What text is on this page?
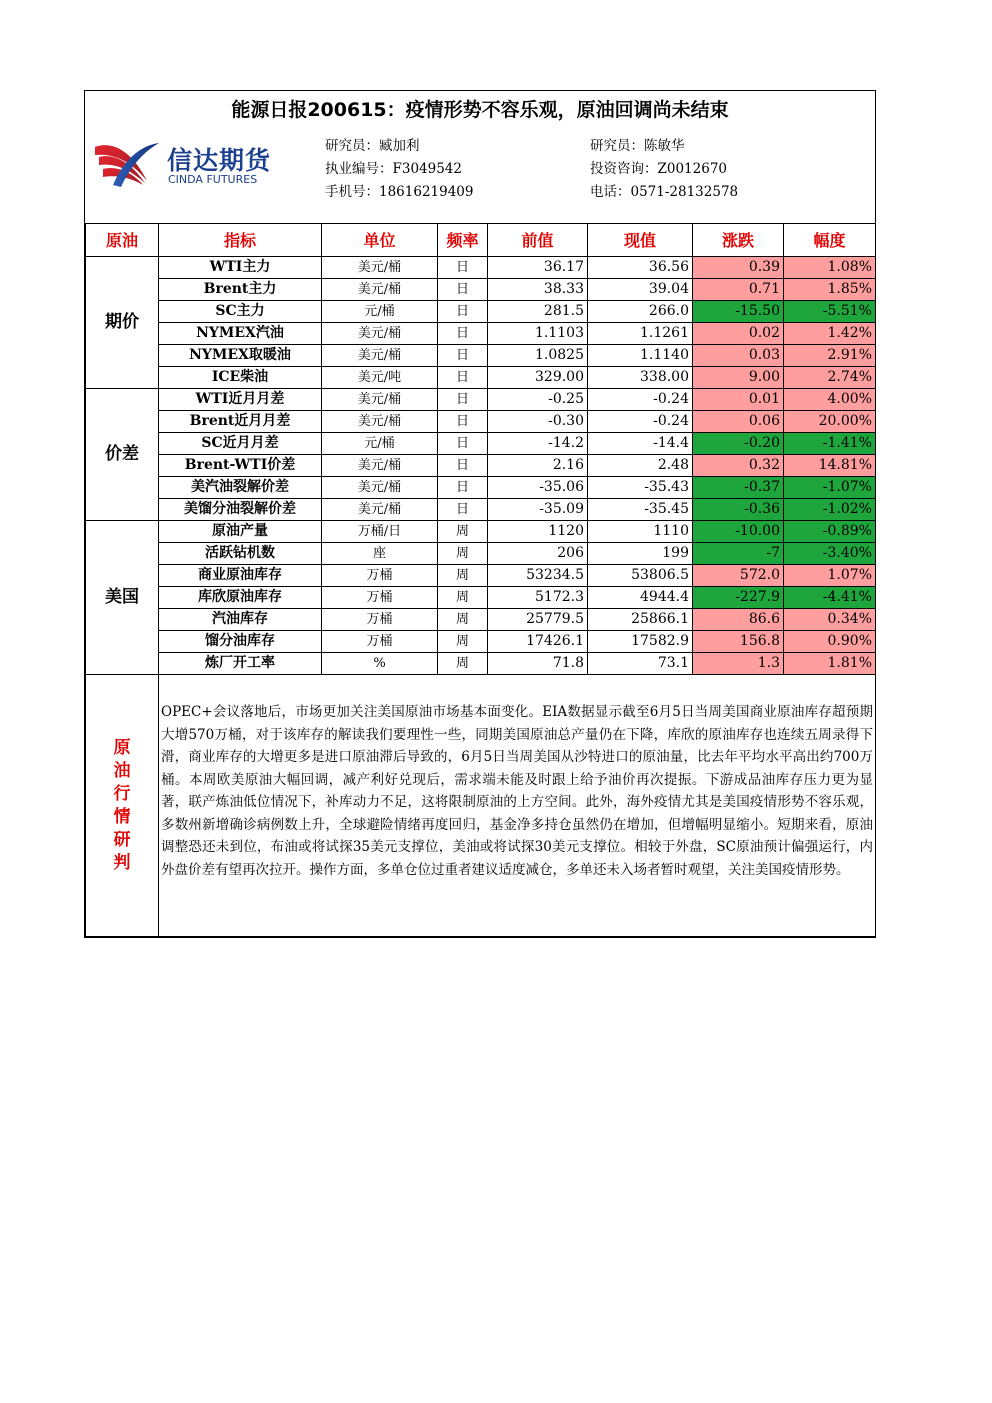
能源日报200615：疫情形势不容乐观，原油回调尚未结束
信达期货
CINDA FUTURES
研究员：臧加利
执业编号：F3049542
手机号：18616219409
研究员：陈敏华
投资咨询：Z0012670
电话：0571-28132578
原油	指标	单位	频率	前值	现值	涨跌	幅度
期价	WTI主力	美元/桶	日	36.17	36.56	0.39	1.08%
	Brent主力	美元/桶	日	38.33	39.04	0.71	1.85%
	SC主力	元/桶	日	281.5	266.0	-15.50	-5.51%
	NYMEX汽油	美元/桶	日	1.1103	1.1261	0.02	1.42%
	NYMEX取暖油	美元/桶	日	1.0825	1.1140	0.03	2.91%
	ICE柴油	美元/吨	日	329.00	338.00	9.00	2.74%
价差	WTI近月月差	美元/桶	日	-0.25	-0.24	0.01	4.00%
	Brent近月月差	美元/桶	日	-0.30	-0.24	0.06	20.00%
	SC近月月差	元/桶	日	-14.2	-14.4	-0.20	-1.41%
	Brent-WTI价差	美元/桶	日	2.16	2.48	0.32	14.81%
	美汽油裂解价差	美元/桶	日	-35.06	-35.43	-0.37	-1.07%
	美馏分油裂解价差	美元/桶	日	-35.09	-35.45	-0.36	-1.02%
美国	原油产量	万桶/日	周	1120	1110	-10.00	-0.89%
	活跃钻机数	座	周	206	199	-7	-3.40%
	商业原油库存	万桶	周	53234.5	53806.5	572.0	1.07%
	库欣原油库存	万桶	周	5172.3	4944.4	-227.9	-4.41%
	汽油库存	万桶	周	25779.5	25866.1	86.6	0.34%
	馏分油库存	万桶	周	17426.1	17582.9	156.8	0.90%
	炼厂开工率	%	周	71.8	73.1	1.3	1.81%
原油行情研判	OPEC+会议落地后，市场更加关注美国原油市场基本面变化。EIA数据显示截至6月5日当周美国商业原油库存超预期大增570万桶，对于该库存的解读我们要理性一些，同期美国原油总产量仍在下降，库欣的原油库存也连续五周录得下滑，商业库存的大增更多是进口原油滞后导致的，6月5日当周美国从沙特进口的原油量，比去年平均水平高出约700万桶。本周欧美原油大幅回调，减产利好兑现后，需求端未能及时跟上给予油价再次提振。下游成品油库存压力更为显著，联产炼油低位情况下，补库动力不足，这将限制原油的上方空间。此外，海外疫情尤其是美国疫情形势不容乐观，多数州新增确诊病例数上升，全球避险情绪再度回归，基金净多持仓虽然仍在增加，但增幅明显缩小。短期来看，原油调整恐还未到位，布油或将试探35美元支撑位，美油或将试探30美元支撑位。相较于外盘，SC原油预计偏强运行，内外盘价差有望再次拉开。操作方面，多单仓位过重者建议适度减仓，多单还未入场者暂时观望，关注美国疫情形势。						
